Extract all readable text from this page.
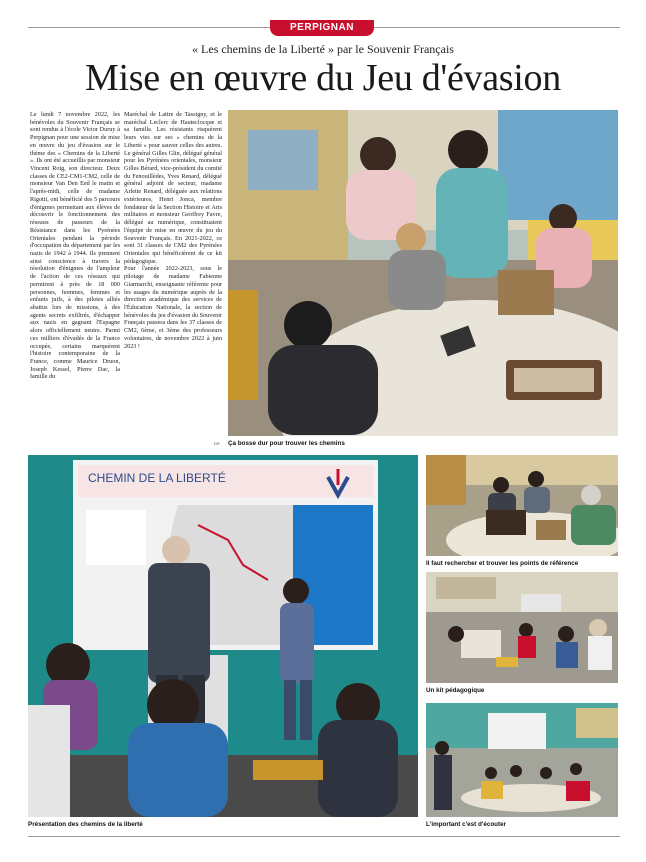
PERPIGNAN
« Les chemins de la Liberté » par le Souvenir Français
Mise en œuvre du Jeu d'évasion

Le lundi 7 novembre 2022, les bénévoles du Souvenir Français se sont rendus à l'école Victor Duruy à Perpignan pour une session de mise en œuvre du jeu d'évasion sur le thème des « Chemins de la Liberté ». Ils ont été accueillis par monsieur Vincent Roig, son directeur. Deux classes de CE2-CM1-CM2, celle de monsieur Van Den Eed le matin et l'après-midi, celle de madame Rigotti, ont bénéficié des 5 parcours d'énigmes permettant aux élèves de découvrir le fonctionnement des réseaux de passeurs de la Résistance dans les Pyrénées Orientales pendant la période d'occupation du département par les nazis de 1942 à 1944. Ils prennent ainsi conscience à travers la résolution d'énigmes de l'ampleur de l'action de ces réseaux qui permirent à près de 18 000 personnes, hommes, femmes et enfants juifs, à des pilotes alliés abattus lors de missions, à des agents secrets exfiltrés, d'échapper aux nazis en gagnant l'Espagne alors officiellement neutre. Parmi ces milliers d'évadés de la France occupée, certains marquèrent l'histoire contemporaine de la France, comme Maurice Druon, Joseph Kessel, Pierre Dac, la famille du

Maréchal de Lattre de Tassigny, et le maréchal Leclerc de Hauteclocque et sa famille. Les résistants risquèrent leurs vies sur ses « chemins de la Liberté » pour sauver celles des autres. Le général Gilles Glin, délégué général pour les Pyrénées orientales, monsieur Gilles Bérard, vice-président du comité du Fenouillèdes, Yves Renard, délégué général adjoint de secteur, madame Arlette Renard, déléguée aux relations extérieures, Henri Jonca, membre fondateur de la Section Histoire et Arts militaires et monsieur Geoffrey Favre, délégué au numérique, constituaient l'équipe de mise en œuvre du jeu du Souvenir Français. En 2021-2022, ce sont 31 classes de CM2 des Pyrénées Orientales qui bénéficièrent de ce kit pédagogique.

Pour l'année 2022-2023, sous le pilotage de madame Fabienne Giarmarchi, enseignante référente pour les usages du numérique auprès de la direction académique des services de l'Éducation Nationale, la section de bénévoles du jeu d'évasion du Souvenir Français passera dans les 37 classes de CM2, 6ème, et 3ème des professeurs volontaires, de novembre 2022 à juin 2023 !

DR Ça bosse dur pour trouver les chemins
CHEMIN DE LA LIBERTÉ
Présentation des chemins de la liberté
Il faut rechercher et trouver les points de référence
Un kit pédagogique
L'important c'est d'écouter
